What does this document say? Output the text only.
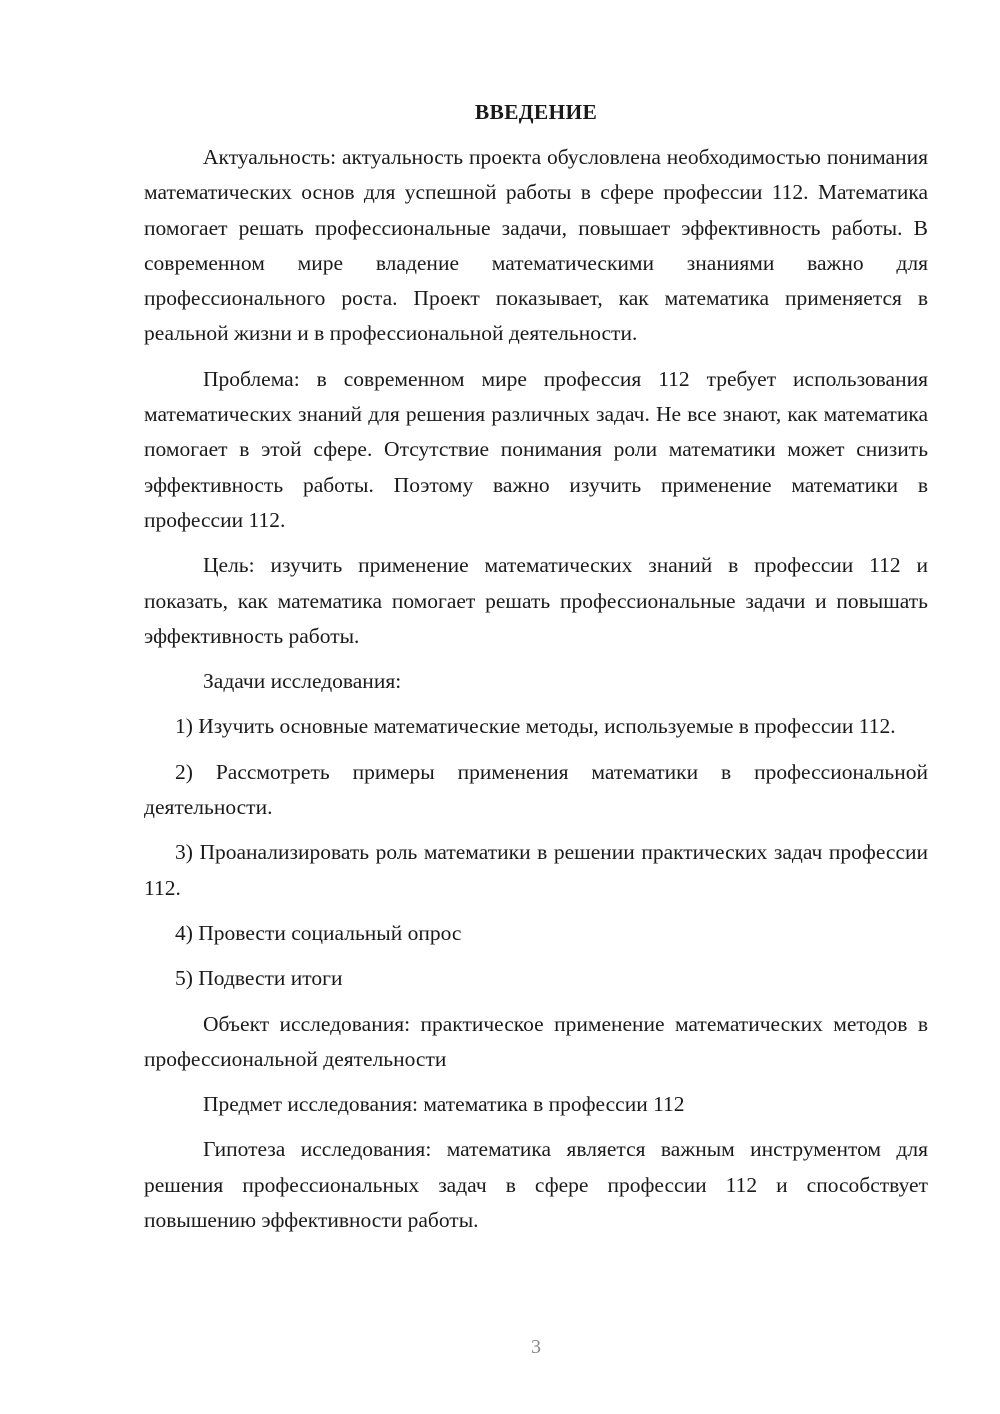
ВВЕДЕНИЕ

Актуальность: актуальность проекта обусловлена необходимостью понимания математических основ для успешной работы в сфере профессии 112. Математика помогает решать профессиональные задачи, повышает эффективность работы. В современном мире владение математическими знаниями важно для профессионального роста. Проект показывает, как математика применяется в реальной жизни и в профессиональной деятельности.

Проблема: в современном мире профессия 112 требует использования математических знаний для решения различных задач. Не все знают, как математика помогает в этой сфере. Отсутствие понимания роли математики может снизить эффективность работы. Поэтому важно изучить применение математики в профессии 112.

Цель: изучить применение математических знаний в профессии 112 и показать, как математика помогает решать профессиональные задачи и повышать эффективность работы.

Задачи исследования:

1) Изучить основные математические методы, используемые в профессии 112.

2) Рассмотреть примеры применения математики в профессиональной деятельности.

3) Проанализировать роль математики в решении практических задач профессии 112.

4) Провести социальный опрос

5) Подвести итоги

Объект исследования: практическое применение математических методов в профессиональной деятельности

Предмет исследования: математика в профессии 112

Гипотеза исследования: математика является важным инструментом для решения профессиональных задач в сфере профессии 112 и способствует повышению эффективности работы.

3
